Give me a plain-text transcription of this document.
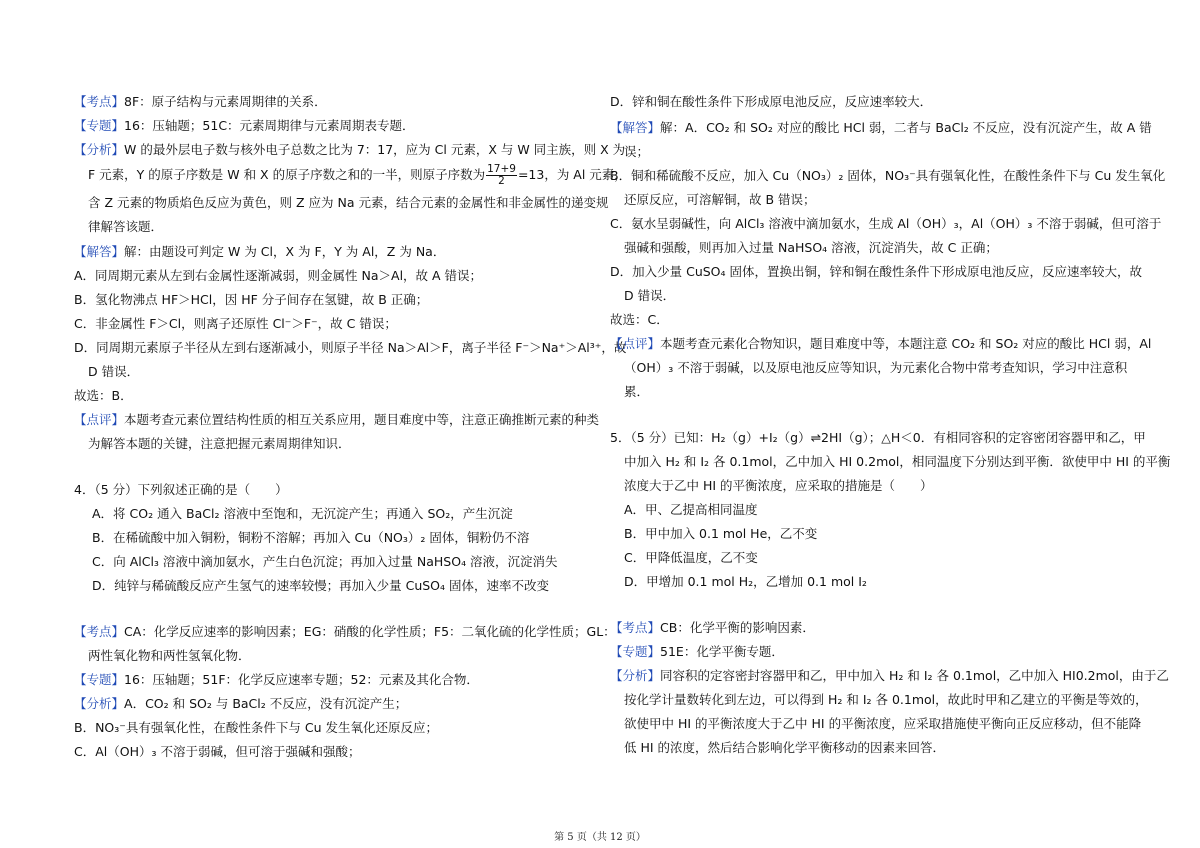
【考点】8F：原子结构与元素周期律的关系．
【专题】16：压轴题；51C：元素周期律与元素周期表专题．
【分析】W 的最外层电子数与核外电子总数之比为 7：17，应为 Cl 元素，X 与 W 同主族，则 X 为
F 元素，Y 的原子序数是 W 和 X 的原子序数之和的一半，则原子序数为 $\frac{17+9}{2} =13$，为 Al 元素，
含 Z 元素的物质焰色反应为黄色，则 Z 应为 Na 元素，结合元素的金属性和非金属性的递变规
律解答该题．
【解答】解：由题设可判定 W 为 Cl，X 为 F，Y 为 Al，Z 为 Na．
A．同周期元素从左到右金属性逐渐减弱，则金属性 Na＞Al，故 A 错误；
B．氢化物沸点 HF＞HCl，因 HF 分子间存在氢键，故 B 正确；
C．非金属性 F＞Cl，则离子还原性 Cl⁻＞F⁻，故 C 错误；
D．同周期元素原子半径从左到右逐渐减小，则原子半径 Na＞Al＞F，离子半径 F⁻＞Na⁺＞Al³⁺，故
D 错误．
故选：B．
【点评】本题考查元素位置结构性质的相互关系应用，题目难度中等，注意正确推断元素的种类
为解答本题的关键，注意把握元素周期律知识．
4．（5 分）下列叙述正确的是（　　）
A．将 CO₂ 通入 BaCl₂ 溶液中至饱和，无沉淀产生；再通入 SO₂，产生沉淀
B．在稀硫酸中加入铜粉，铜粉不溶解；再加入 Cu（NO₃）₂ 固体，铜粉仍不溶
C．向 AlCl₃ 溶液中滴加氨水，产生白色沉淀；再加入过量 NaHSO₄ 溶液，沉淀消失
D．纯锌与稀硫酸反应产生氢气的速率较慢；再加入少量 CuSO₄ 固体，速率不改变
【考点】CA：化学反应速率的影响因素；EG：硝酸的化学性质；F5：二氧化硫的化学性质；GL：
两性氧化物和两性氢氧化物．
【专题】16：压轴题；51F：化学反应速率专题；52：元素及其化合物．
【分析】A．CO₂ 和 SO₂ 与 BaCl₂ 不反应，没有沉淀产生；
B．NO₃⁻具有强氧化性，在酸性条件下与 Cu 发生氧化还原反应；
C．Al（OH）₃ 不溶于弱碱，但可溶于强碱和强酸；
D．锌和铜在酸性条件下形成原电池反应，反应速率较大．
【解答】解：A．CO₂ 和 SO₂ 对应的酸比 HCl 弱，二者与 BaCl₂ 不反应，没有沉淀产生，故 A 错
误；
B．铜和稀硫酸不反应，加入 Cu（NO₃）₂ 固体，NO₃⁻具有强氧化性，在酸性条件下与 Cu 发生氧化
还原反应，可溶解铜，故 B 错误；
C．氨水呈弱碱性，向 AlCl₃ 溶液中滴加氨水，生成 Al（OH）₃，Al（OH）₃ 不溶于弱碱，但可溶于
强碱和强酸，则再加入过量 NaHSO₄ 溶液，沉淀消失，故 C 正确；
D．加入少量 CuSO₄ 固体，置换出铜，锌和铜在酸性条件下形成原电池反应，反应速率较大，故
D 错误．
故选：C．
【点评】本题考查元素化合物知识，题目难度中等，本题注意 CO₂ 和 SO₂ 对应的酸比 HCl 弱，Al
（OH）₃ 不溶于弱碱，以及原电池反应等知识，为元素化合物中常考查知识，学习中注意积
累．
5．（5 分）已知：H₂（g）+I₂（g）⇌2HI（g）；△H＜0．有相同容积的定容密闭容器甲和乙，甲
中加入 H₂ 和 I₂ 各 0.1mol，乙中加入 HI 0.2mol，相同温度下分别达到平衡．欲使甲中 HI 的平衡
浓度大于乙中 HI 的平衡浓度，应采取的措施是（　　）
A．甲、乙提高相同温度
B．甲中加入 0.1 mol He，乙不变
C．甲降低温度，乙不变
D．甲增加 0.1 mol H₂，乙增加 0.1 mol I₂
【考点】CB：化学平衡的影响因素．
【专题】51E：化学平衡专题．
【分析】同容积的定容密封容器甲和乙，甲中加入 H₂ 和 I₂ 各 0.1mol，乙中加入 HI0.2mol，由于乙
按化学计量数转化到左边，可以得到 H₂ 和 I₂ 各 0.1mol，故此时甲和乙建立的平衡是等效的，
欲使甲中 HI 的平衡浓度大于乙中 HI 的平衡浓度，应采取措施使平衡向正反应移动，但不能降
低 HI 的浓度，然后结合影响化学平衡移动的因素来回答．
第 5 页（共 12 页）
